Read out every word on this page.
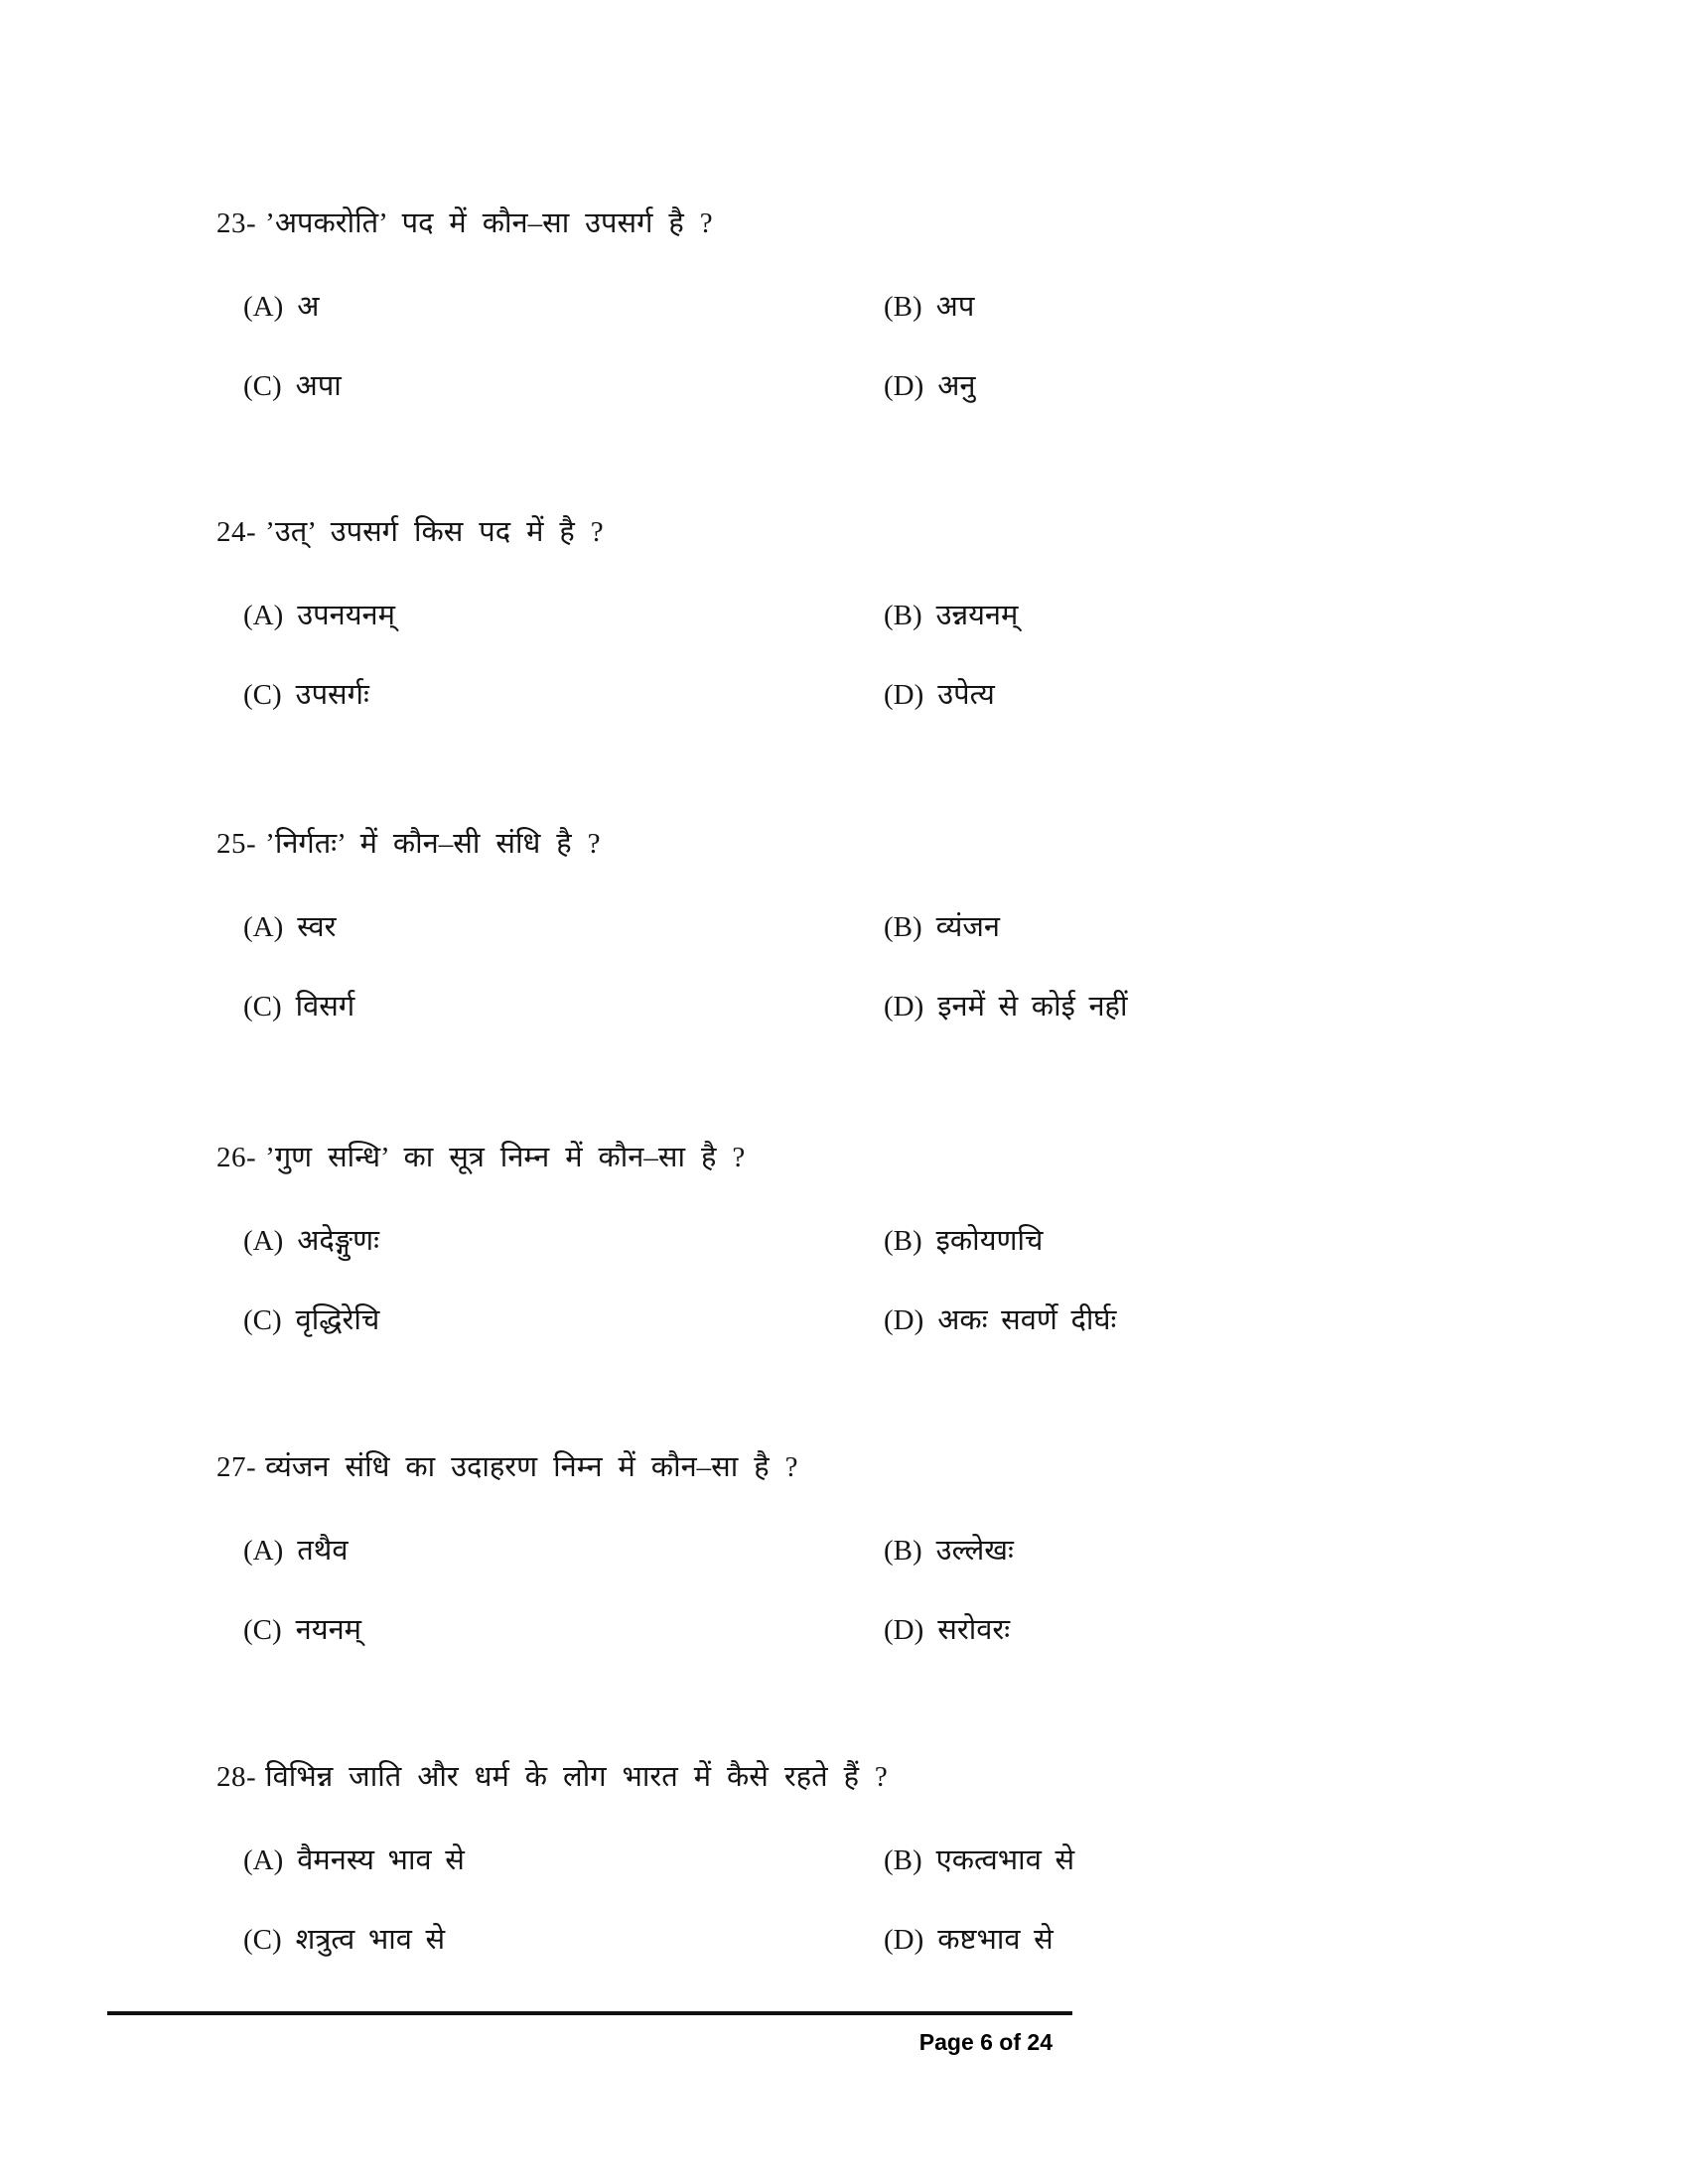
23- ’अपकरोति’ पद में कौन–सा उपसर्ग है ?
(A) अ	(B) अप
(C) अपा	(D) अनु
24- ’उत्’ उपसर्ग किस पद में है ?
(A) उपनयनम्	(B) उन्नयनम्
(C) उपसर्गः	(D) उपेत्य
25- ’निर्गतः’ में कौन–सी संधि है ?
(A) स्वर	(B) व्यंजन
(C) विसर्ग	(D) इनमें से कोई नहीं
26- ’गुण सन्धि’ का सूत्र निम्न में कौन–सा है ?
(A) अदेङ्गुणः	(B) इकोयणचि
(C) वृद्धिरेचि	(D) अकः सवर्णे दीर्घः
27- व्यंजन संधि का उदाहरण निम्न में कौन–सा है ?
(A) तथैव	(B) उल्लेखः
(C) नयनम्	(D) सरोवरः
28- विभिन्न जाति और धर्म के लोग भारत में कैसे रहते हैं ?
(A) वैमनस्य भाव से	(B) एकत्वभाव से
(C) शत्रुत्व भाव से	(D) कष्टभाव से
Page 6 of 24
